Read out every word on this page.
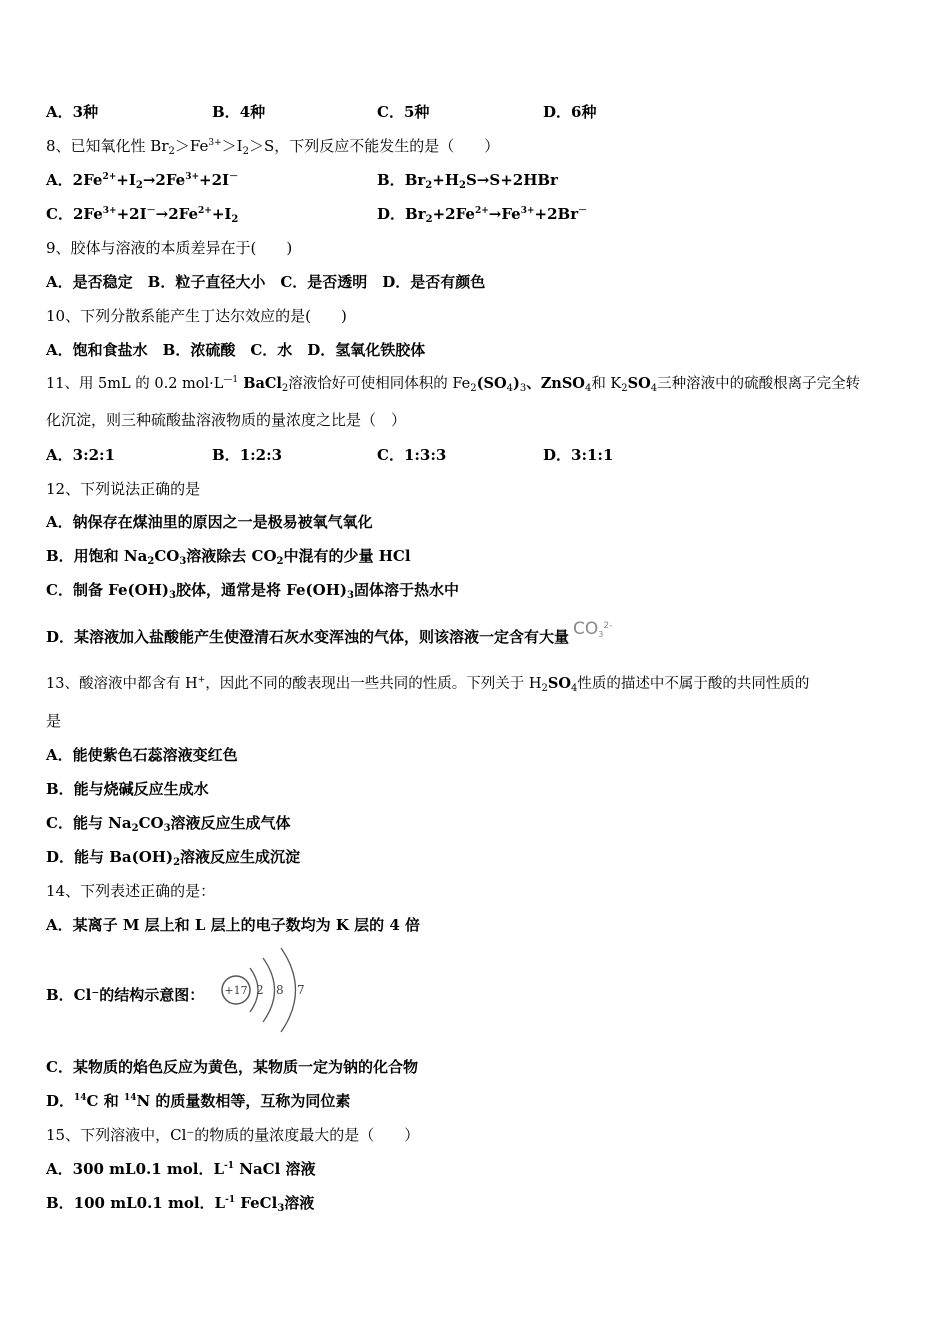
A．3种	B．4种	C．5种	D．6种
8、已知氧化性 $Br_2>Fe^{3+}>I_2>S$，下列反应不能发生的是（　　）
A．$2Fe^{2+}+I_2\to 2Fe^{3+}+2I^-$	B．$Br_2+H_2S\to S+2HBr$
C．$2Fe^{3+}+2I^-\to 2Fe^{2+}+I_2$	D．$Br_2+2Fe^{2+}\to Fe^{3+}+2Br^-$
9、胶体与溶液的本质差异在于(　　)
A．是否稳定　B．粒子直径大小　C．是否透明　D．是否有颜色
10、下列分散系能产生丁达尔效应的是(　　)
A．饱和食盐水　B．浓硫酸　C．水　D．氢氧化铁胶体
11、用 5mL 的 0.2 $mol\cdot L^{—1}$ BaCl$_2$溶液恰好可使相同体积的 $Fe_2(SO_4)_3$、ZnSO$_4$和 $K_2SO_4$三种溶液中的硫酸根离子完全转
化沉淀，则三种硫酸盐溶液物质的量浓度之比是（　）
A．3:2:1	B．1:2:3	C．1:3:3	D．3:1:1
12、下列说法正确的是
A．钠保存在煤油里的原因之一是极易被氧气氧化
B．用饱和 $Na_2CO_3$溶液除去 $CO_2$中混有的少量 HCl
C．制备 $Fe(OH)_3$胶体，通常是将 $Fe(OH)_3$固体溶于热水中
D．某溶液加入盐酸能产生使澄清石灰水变浑浊的气体，则该溶液一定含有大量 $CO_3^{2-}$
13、酸溶液中都含有 H+，因此不同的酸表现出一些共同的性质。下列关于 $H_2SO_4$性质的描述中不属于酸的共同性质的
是
A．能使紫色石蕊溶液变红色
B．能与烧碱反应生成水
C．能与 $Na_2CO_3$溶液反应生成气体
D．能与 $Ba(OH)_2$溶液反应生成沉淀
14、下列表述正确的是：
A．某离子 M 层上和 L 层上的电子数均为 K 层的 4 倍
B．Cl⁻的结构示意图： +17 2 8 7
C．某物质的焰色反应为黄色，某物质一定为钠的化合物
D．$^{14}$C 和 $^{14}$N 的质量数相等，互称为同位素
15、下列溶液中，Cl⁻的物质的量浓度最大的是（　　）
A．300 mL0.1 mol．$L^{-1}$ NaCl 溶液
B．100 mL0.1 mol．$L^{-1}$ FeCl$_3$溶液
